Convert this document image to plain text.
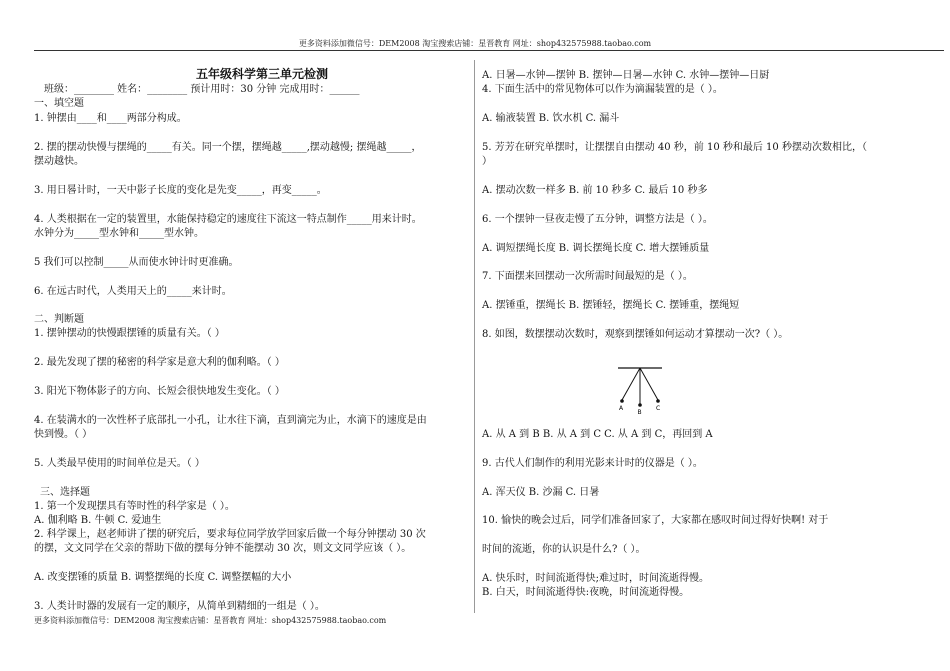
更多资料添加微信号：DEM2008 淘宝搜索店铺：星晋教育 网址：shop432575988.taobao.com
五年级科学第三单元检测
班级：________ 姓名：________ 预计用时：30 分钟 完成用时：______
一、填空题
1. 钟摆由____和____两部分构成。
2. 摆的摆动快慢与摆绳的_____有关。同一个摆，摆绳越_____,摆动越慢; 摆绳越_____，
摆动越快。
3. 用日晷计时，一天中影子长度的变化是先变_____，再变_____。
4. 人类根据在一定的装置里，水能保持稳定的速度往下流这一特点制作_____用来计时。
水钟分为_____型水钟和_____型水钟。
5 我们可以控制_____从而使水钟计时更准确。
6. 在远古时代，人类用天上的_____来计时。
二、判断题
1. 摆钟摆动的快慢跟摆锤的质量有关。（ ）
2. 最先发现了摆的秘密的科学家是意大利的伽利略。（ ）
3. 阳光下物体影子的方向、长短会很快地发生变化。（ ）
4. 在装满水的一次性杯子底部扎一小孔，让水往下滴，直到滴完为止，水滴下的速度是由
快到慢。（ ）
5. 人类最早使用的时间单位是天。（ ）
三、选择题
1. 第一个发现摆具有等时性的科学家是（ ）。
A. 伽利略 B. 牛顿 C. 爱迪生
2. 科学课上，赵老师讲了摆的研究后，要求每位同学放学回家后做一个每分钟摆动 30 次
的摆，文文同学在父亲的帮助下做的摆每分钟不能摆动 30 次，则文文同学应该（ ）。
A. 改变摆锤的质量 B. 调整摆绳的长度 C. 调整摆幅的大小
3. 人类计时器的发展有一定的顺序，从简单到精细的一组是（ ）。
A. 日暑—水钟—摆钟 B. 摆钟—日暑—水钟 C. 水钟—摆钟—日厨
4. 下面生活中的常见物体可以作为滴漏装置的是（ ）。
A. 输液装置 B. 饮水机 C. 漏斗
5. 芳芳在研究单摆时，让摆摆自由摆动 40 秒，前 10 秒和最后 10 秒摆动次数相比，（
）
A. 摆动次数一样多 B. 前 10 秒多 C. 最后 10 秒多
6. 一个摆钟一昼夜走慢了五分钟，调整方法是（ ）。
A. 调短摆绳长度 B. 调长摆绳长度 C. 增大摆锤质量
7. 下面摆来回摆动一次所需时间最短的是（ ）。
A. 摆锤重，摆绳长 B. 摆锤轻，摆绳长 C. 摆锤重，摆绳短
8. 如图，数摆摆动次数时，观察到摆锤如何运动才算摆动一次?（ ）。
A. 从 A 到 B B. 从 A 到 C C. 从 A 到 C，再回到 A
9. 古代人们制作的利用光影来计时的仪器是（ ）。
A. 浑天仪 B. 沙漏 C. 日暑
10. 愉快的晚会过后，同学们准备回家了，大家都在感叹时间过得好快啊! 对于
时间的流逝，你的认识是什么?（ ）。
A. 快乐时，时间流逝得快;难过时，时间流逝得慢。
B. 白天，时间流逝得快:夜晚，时间流逝得慢。
A
B
C
更多资料添加微信号：DEM2008 淘宝搜索店铺：星晋教育 网址：shop432575988.taobao.com
